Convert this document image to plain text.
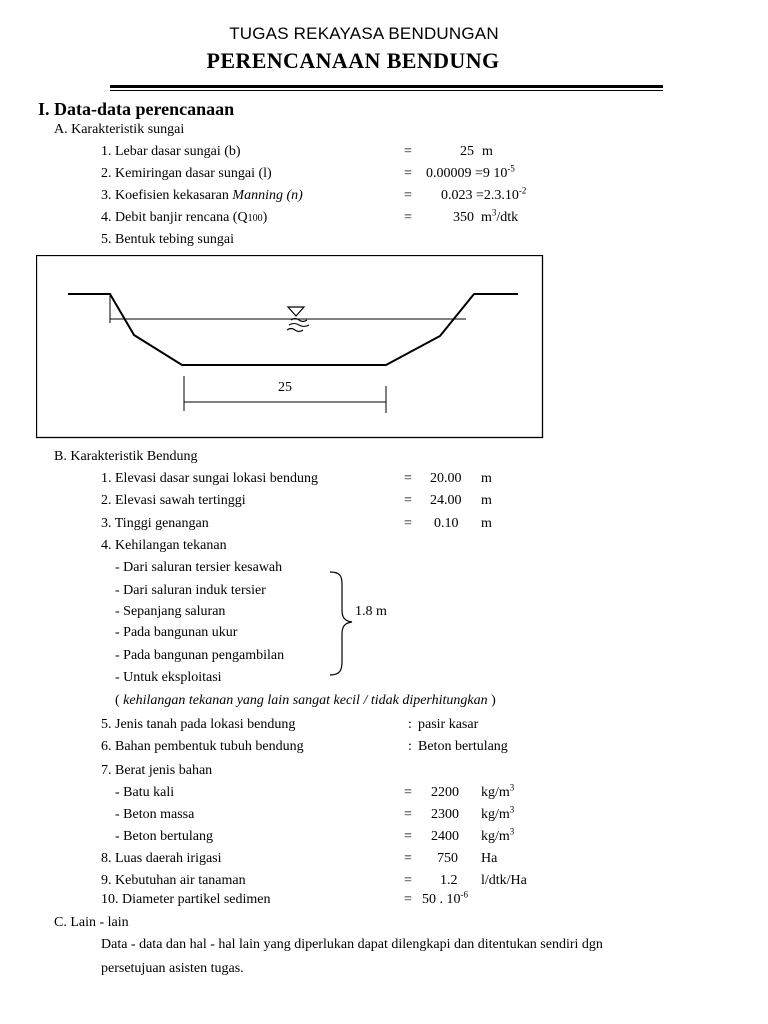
TUGAS REKAYASA BENDUNGAN
PERENCANAAN BENDUNG
I. Data-data perencanaan
A. Karakteristik sungai
1. Lebar dasar sungai (b)	=	25 m
2. Kemiringan dasar sungai (l)	= 0.00009 =9 $10^{-5}$
3. Koefisien kekasaran Manning (n)	= $0.023 =2.3.10^{-2}$
4. Debit banjir rencana (Q100)	=	350 $m^3$/dtk
5. Bentuk tebing sungai
25
B. Karakteristik Bendung
1. Elevasi dasar sungai lokasi bendung	= 20.00 m
2. Elevasi sawah tertinggi	= 24.00 m
3. Tinggi genangan	= 0.10 m
4. Kehilangan tekanan
- Dari saluran tersier kesawah
- Dari saluran induk tersier
- Sepanjang saluran
- Pada bangunan ukur
- Pada bangunan pengambilan
- Untuk eksploitasi
1.8 m
( kehilangan tekanan yang lain sangat kecil / tidak diperhitungkan )
5. Jenis tanah pada lokasi bendung	: pasir kasar
6. Bahan pembentuk tubuh bendung	: Beton bertulang
7. Berat jenis bahan
- Batu kali	= 2200 $kg/m^3$
- Beton massa	= 2300 $kg/m^3$
- Beton bertulang	= 2400 $kg/m^3$
8. Luas daerah irigasi	= 750 Ha
9. Kebutuhan air tanaman	= 1.2 l/dtk/Ha
10. Diameter partikel sedimen	= 50 . $10^{-6}$
C. Lain - lain
Data - data dan hal - hal lain yang diperlukan dapat dilengkapi dan ditentukan sendiri dgn
persetujuan asisten tugas.
